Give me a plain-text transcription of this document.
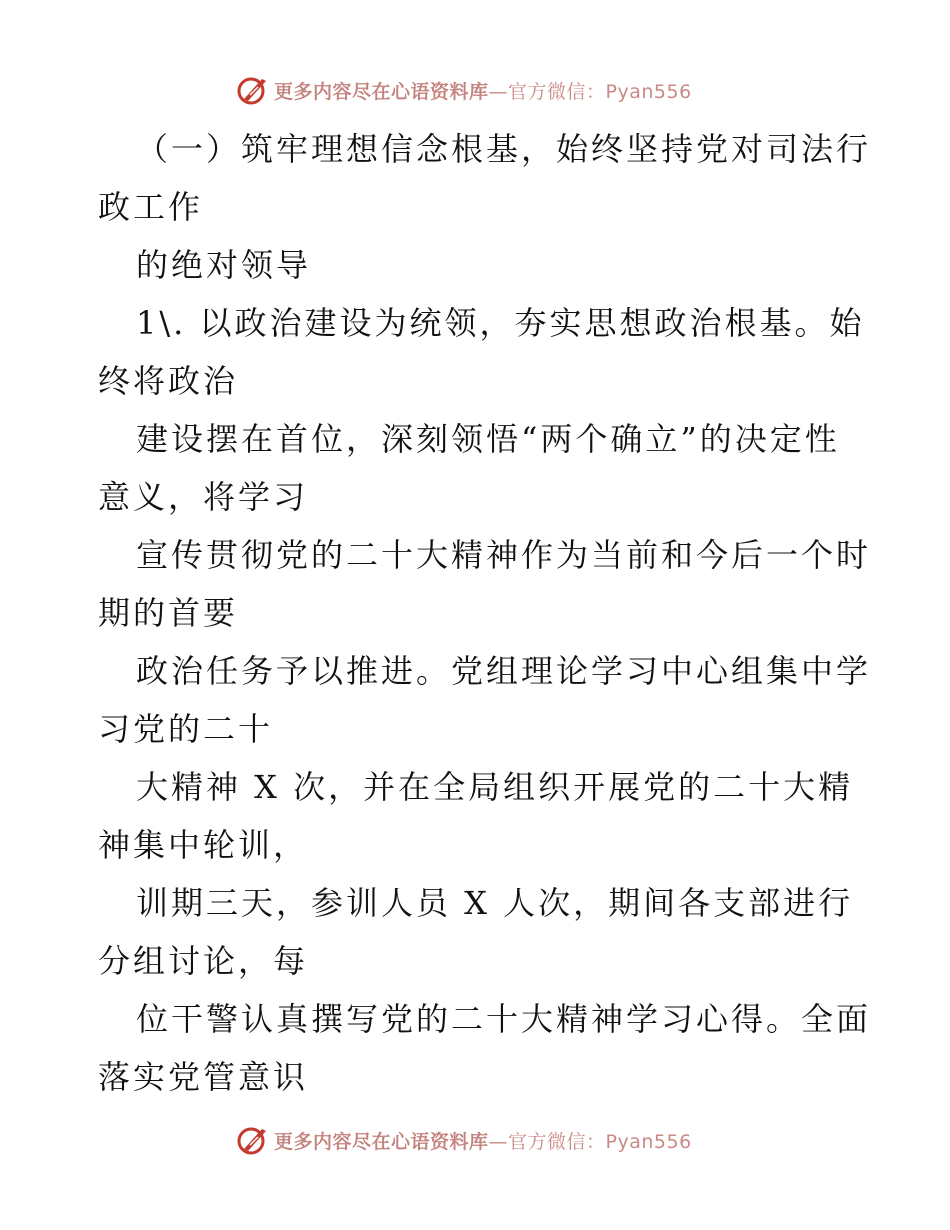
更多内容尽在心语资料库—官方微信：Pyan556

（一）筑牢理想信念根基，始终坚持党对司法行

政工作

的绝对领导

1\. 以政治建设为统领，夯实思想政治根基。始

终将政治

建设摆在首位，深刻领悟“两个确立”的决定性

意义，将学习

宣传贯彻党的二十大精神作为当前和今后一个时

期的首要

政治任务予以推进。党组理论学习中心组集中学

习党的二十

大精神 X 次，并在全局组织开展党的二十大精

神集中轮训，

训期三天，参训人员 X 人次，期间各支部进行

分组讨论，每

位干警认真撰写党的二十大精神学习心得。全面

落实党管意识

更多内容尽在心语资料库—官方微信：Pyan556
